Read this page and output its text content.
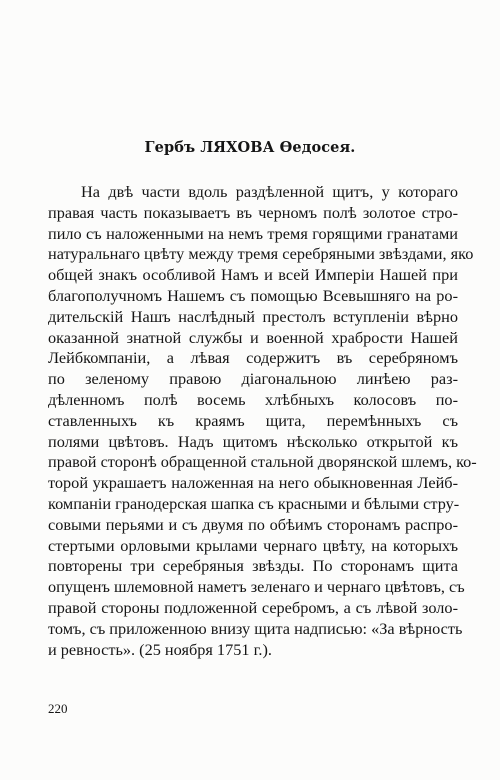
Гербъ ЛЯХОВА Өедосея.
На двѣ части вдоль раздѣленной щитъ, у котораго
правая часть показываетъ въ черномъ полѣ золотое стро-
пило съ наложенными на немъ тремя горящими гранатами
натуральнаго цвѣту между тремя серебряными звѣздами, яко
общей знакъ особливой Намъ и всей Имперіи Нашей при
благополучномъ Нашемъ съ помощью Всевышняго на ро-
дительскій Нашъ наслѣдный престолъ вступленіи вѣрно
оказанной знатной службы и военной храбрости Нашей
Лейбкомпаніи, а лѣвая содержитъ въ серебряномъ
по зеленому правою діагональною линѣею раз-
дѣленномъ полѣ восемь хлѣбныхъ колосовъ по-
ставленныхъ къ краямъ щита, перемѣнныхъ съ
полями цвѣтовъ. Надъ щитомъ нѣсколько открытой къ
правой сторонѣ обращенной стальной дворянской шлемъ, ко-
торой украшаетъ наложенная на него обыкновенная Лейб-
компаніи гранодерская шапка съ красными и бѣлыми стру-
совыми перьями и съ двумя по обѣимъ сторонамъ распро-
стертыми орловыми крылами чернаго цвѣту, на которыхъ
повторены три серебряныя звѣзды. По сторонамъ щита
опущенъ шлемовной наметъ зеленаго и чернаго цвѣтовъ, съ
правой стороны подложенной серебромъ, а съ лѣвой золо-
томъ, съ приложенною внизу щита надписью: «За вѣрность
и ревность». (25 ноября 1751 г.).
220
